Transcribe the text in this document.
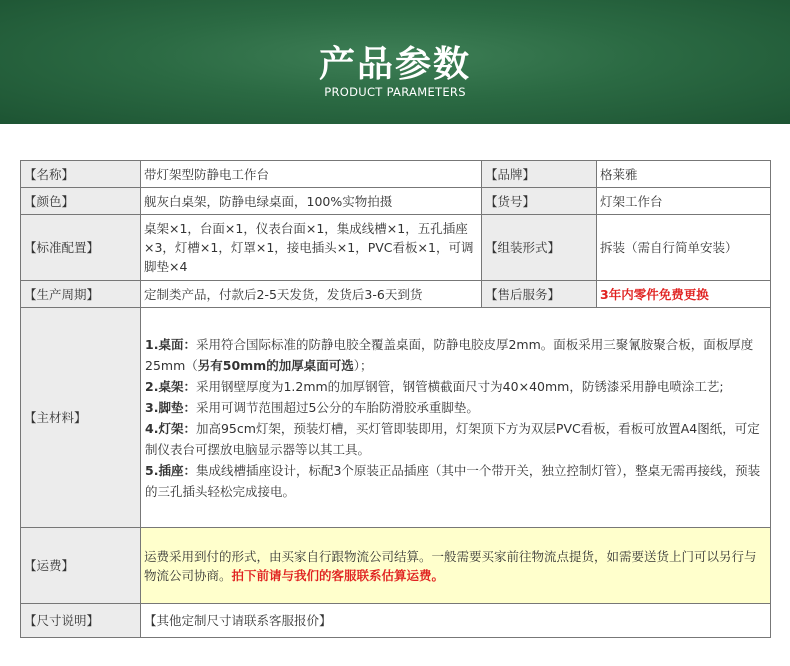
产品参数
PRODUCT PARAMETERS
【名称】	带灯架型防静电工作台	【品牌】	格莱雅
【颜色】	舰灰白桌架，防静电绿桌面，100%实物拍摄	【货号】	灯架工作台
【标准配置】	桌架×1，台面×1，仪表台面×1，集成线槽×1，五孔插座×3，灯槽×1，灯罩×1，接电插头×1，PVC看板×1，可调脚垫×4	【组装形式】	拆装（需自行简单安装）
【生产周期】	定制类产品，付款后2-5天发货，发货后3-6天到货	【售后服务】	3年内零件免费更换
【主材料】	1.桌面：采用符合国际标准的防静电胶全覆盖桌面，防静电胶皮厚2mm。面板采用三聚氰胺聚合板，面板厚度25mm（另有50mm的加厚桌面可选）；
2.桌架：采用钢壁厚度为1.2mm的加厚钢管，钢管横截面尺寸为40×40mm，防锈漆采用静电喷涂工艺;
3.脚垫：采用可调节范围超过5公分的车胎防滑胶承重脚垫。
4.灯架：加高95cm灯架，预装灯槽，买灯管即装即用，灯架顶下方为双层PVC看板，看板可放置A4图纸，可定制仪表台可摆放电脑显示器等以其工具。
5.插座：集成线槽插座设计，标配3个原装正品插座（其中一个带开关，独立控制灯管），整桌无需再接线，预装的三孔插头轻松完成接电。		

【运费】	运费采用到付的形式，由买家自行跟物流公司结算。一般需要买家前往物流点提货，如需要送货上门可以另行与物流公司协商。拍下前请与我们的客服联系估算运费。		
【尺寸说明】	【其他定制尺寸请联系客服报价】		
